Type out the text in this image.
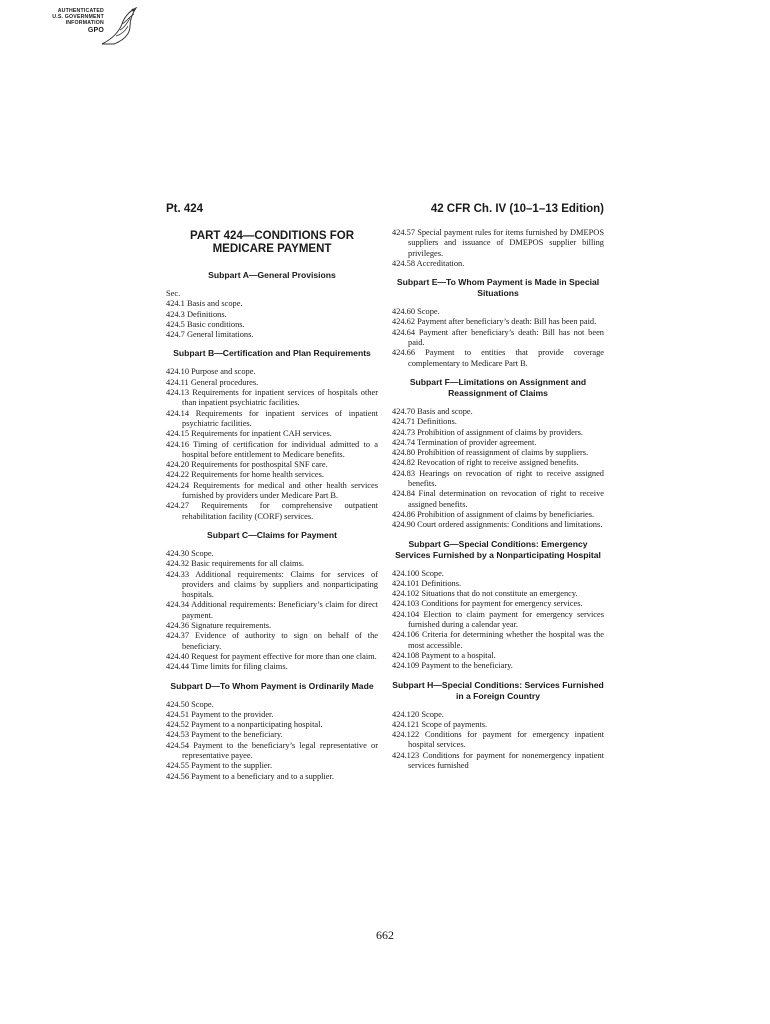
AUTHENTICATED
U.S. GOVERNMENT
INFORMATION
GPO
Pt. 424	42 CFR Ch. IV (10–1–13 Edition)
PART 424—CONDITIONS FOR MEDICARE PAYMENT
Subpart A—General Provisions
Sec.
424.1 Basis and scope.
424.3 Definitions.
424.5 Basic conditions.
424.7 General limitations.
Subpart B—Certification and Plan Requirements
424.10 Purpose and scope.
424.11 General procedures.
424.13 Requirements for inpatient services of hospitals other than inpatient psychiatric facilities.
424.14 Requirements for inpatient services of inpatient psychiatric facilities.
424.15 Requirements for inpatient CAH services.
424.16 Timing of certification for individual admitted to a hospital before entitlement to Medicare benefits.
424.20 Requirements for posthospital SNF care.
424.22 Requirements for home health services.
424.24 Requirements for medical and other health services furnished by providers under Medicare Part B.
424.27 Requirements for comprehensive outpatient rehabilitation facility (CORF) services.
Subpart C—Claims for Payment
424.30 Scope.
424.32 Basic requirements for all claims.
424.33 Additional requirements: Claims for services of providers and claims by suppliers and nonparticipating hospitals.
424.34 Additional requirements: Beneficiary’s claim for direct payment.
424.36 Signature requirements.
424.37 Evidence of authority to sign on behalf of the beneficiary.
424.40 Request for payment effective for more than one claim.
424.44 Time limits for filing claims.
Subpart D—To Whom Payment is Ordinarily Made
424.50 Scope.
424.51 Payment to the provider.
424.52 Payment to a nonparticipating hospital.
424.53 Payment to the beneficiary.
424.54 Payment to the beneficiary’s legal representative or representative payee.
424.55 Payment to the supplier.
424.56 Payment to a beneficiary and to a supplier.
424.57 Special payment rules for items furnished by DMEPOS suppliers and issuance of DMEPOS supplier billing privileges.
424.58 Accreditation.
Subpart E—To Whom Payment is Made in Special Situations
424.60 Scope.
424.62 Payment after beneficiary’s death: Bill has been paid.
424.64 Payment after beneficiary’s death: Bill has not been paid.
424.66 Payment to entities that provide coverage complementary to Medicare Part B.
Subpart F—Limitations on Assignment and Reassignment of Claims
424.70 Basis and scope.
424.71 Definitions.
424.73 Prohibition of assignment of claims by providers.
424.74 Termination of provider agreement.
424.80 Prohibition of reassignment of claims by suppliers.
424.82 Revocation of right to receive assigned benefits.
424.83 Hearings on revocation of right to receive assigned benefits.
424.84 Final determination on revocation of right to receive assigned benefits.
424.86 Prohibition of assignment of claims by beneficiaries.
424.90 Court ordered assignments: Conditions and limitations.
Subpart G—Special Conditions: Emergency Services Furnished by a Nonparticipating Hospital
424.100 Scope.
424.101 Definitions.
424.102 Situations that do not constitute an emergency.
424.103 Conditions for payment for emergency services.
424.104 Election to claim payment for emergency services furnished during a calendar year.
424.106 Criteria for determining whether the hospital was the most accessible.
424.108 Payment to a hospital.
424.109 Payment to the beneficiary.
Subpart H—Special Conditions: Services Furnished in a Foreign Country
424.120 Scope.
424.121 Scope of payments.
424.122 Conditions for payment for emergency inpatient hospital services.
424.123 Conditions for payment for nonemergency inpatient services furnished
662
